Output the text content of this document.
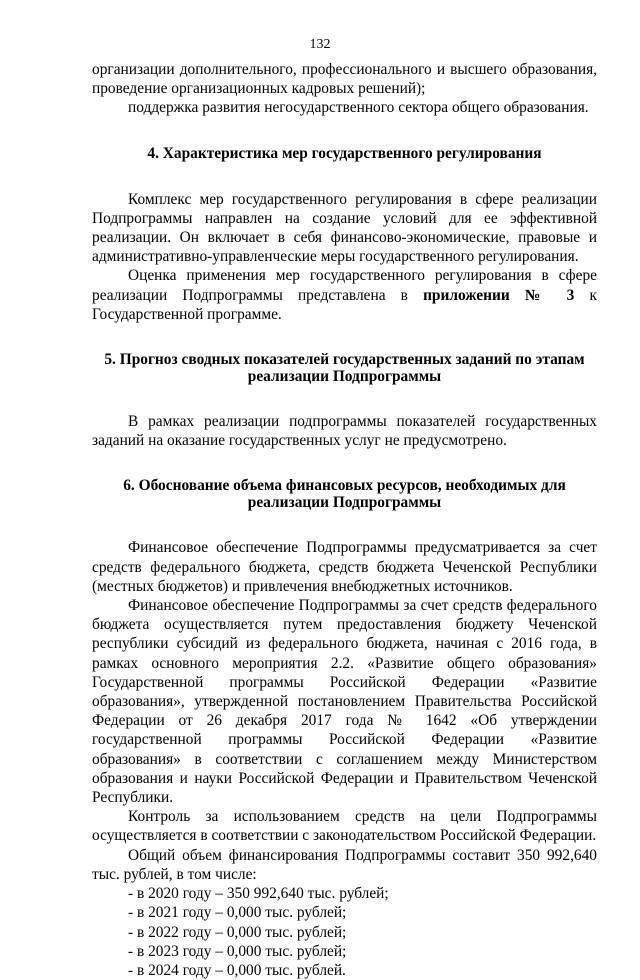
132

организации дополнительного, профессионального и высшего образования, проведение организационных кадровых решений);

поддержка развития негосударственного сектора общего образования.

4. Характеристика мер государственного регулирования

Комплекс мер государственного регулирования в сфере реализации Подпрограммы направлен на создание условий для ее эффективной реализации. Он включает в себя финансово-экономические, правовые и административно-управленческие меры государственного регулирования.

Оценка применения мер государственного регулирования в сфере реализации Подпрограммы представлена в приложении № 3 к Государственной программе.

5. Прогноз сводных показателей государственных заданий по этапам
реализации Подпрограммы

В рамках реализации подпрограммы показателей государственных заданий на оказание государственных услуг не предусмотрено.

6. Обоснование объема финансовых ресурсов, необходимых для
реализации Подпрограммы

Финансовое обеспечение Подпрограммы предусматривается за счет средств федерального бюджета, средств бюджета Чеченской Республики (местных бюджетов) и привлечения внебюджетных источников.

Финансовое обеспечение Подпрограммы за счет средств федерального бюджета осуществляется путем предоставления бюджету Чеченской республики субсидий из федерального бюджета, начиная с 2016 года, в рамках основного мероприятия 2.2. «Развитие общего образования» Государственной программы Российской Федерации «Развитие образования», утвержденной постановлением Правительства Российской Федерации от 26 декабря 2017 года № 1642 «Об утверждении государственной программы Российской Федерации «Развитие образования» в соответствии с соглашением между Министерством образования и науки Российской Федерации и Правительством Чеченской Республики.

Контроль за использованием средств на цели Подпрограммы осуществляется в соответствии с законодательством Российской Федерации.

Общий объем финансирования Подпрограммы составит 350 992,640 тыс. рублей, в том числе:

- в 2020 году – 350 992,640 тыс. рублей;
- в 2021 году – 0,000 тыс. рублей;
- в 2022 году – 0,000 тыс. рублей;
- в 2023 году – 0,000 тыс. рублей;
- в 2024 году – 0,000 тыс. рублей.
